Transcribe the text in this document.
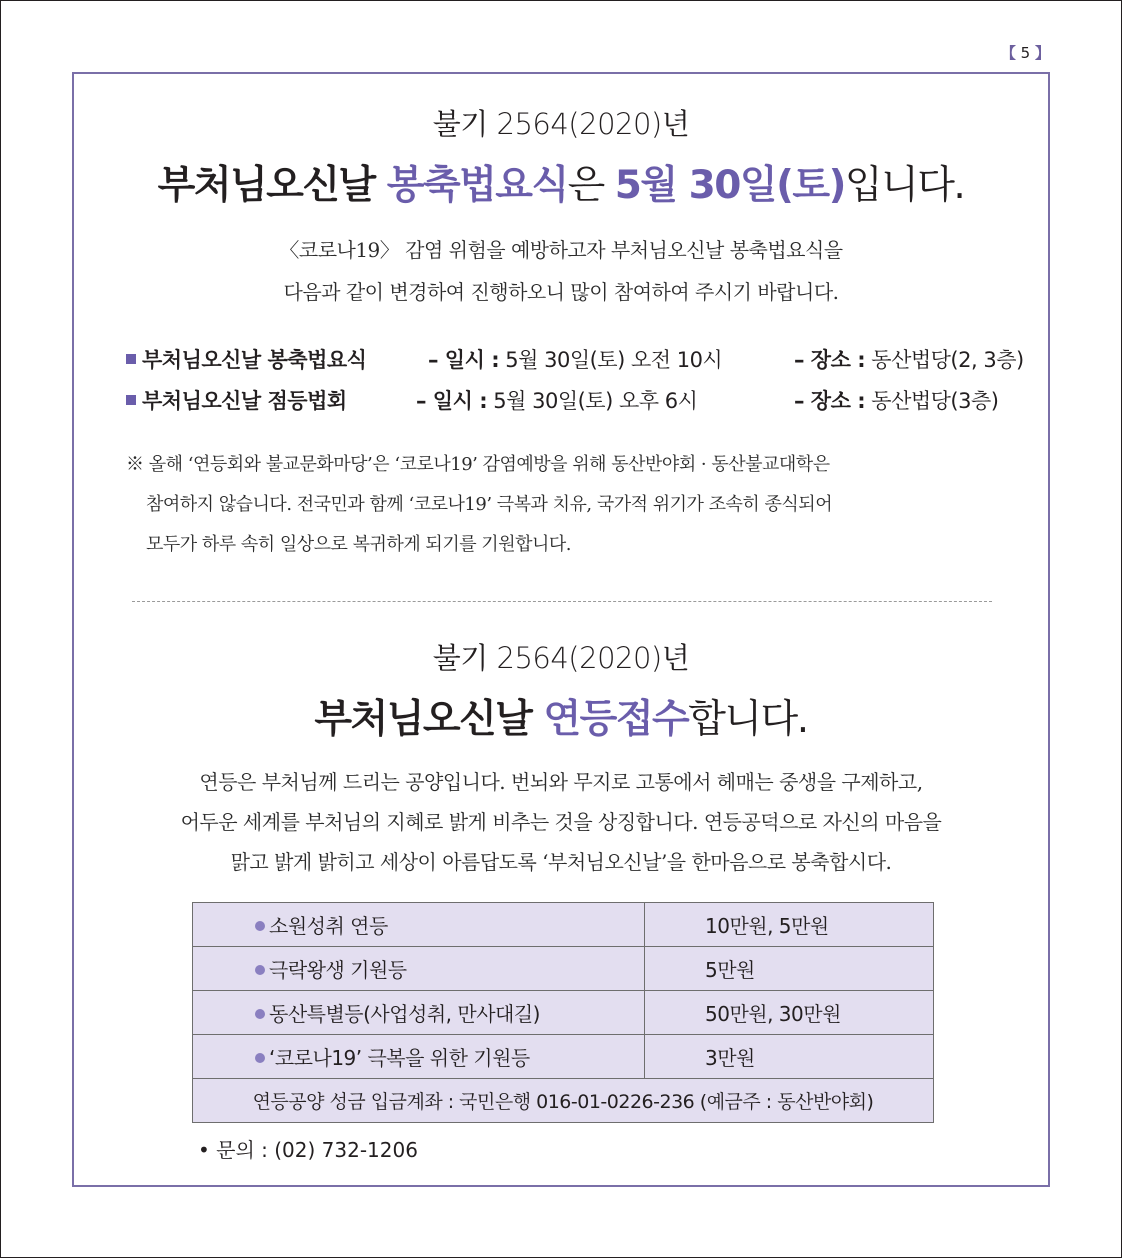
【 5 】
불기 2564(2020)년
부처님오신날 봉축법요식은 5월 30일(토)입니다.
〈코로나19〉 감염 위험을 예방하고자 부처님오신날 봉축법요식을
다음과 같이 변경하여 진행하오니 많이 참여하여 주시기 바랍니다.
부처님오신날 봉축법요식	– 일시 : 5월 30일(토) 오전 10시	– 장소 : 동산법당(2, 3층)
부처님오신날 점등법회	– 일시 : 5월 30일(토) 오후 6시	– 장소 : 동산법당(3층)
※ 올해 ‘연등회와 불교문화마당’은 ‘코로나19’ 감염예방을 위해 동산반야회 · 동산불교대학은
참여하지 않습니다. 전국민과 함께 ‘코로나19’ 극복과 치유, 국가적 위기가 조속히 종식되어
모두가 하루 속히 일상으로 복귀하게 되기를 기원합니다.
불기 2564(2020)년
부처님오신날 연등접수합니다.
연등은 부처님께 드리는 공양입니다. 번뇌와 무지로 고통에서 헤매는 중생을 구제하고,
어두운 세계를 부처님의 지혜로 밝게 비추는 것을 상징합니다. 연등공덕으로 자신의 마음을
맑고 밝게 밝히고 세상이 아름답도록 ‘부처님오신날’을 한마음으로 봉축합시다.
소원성취 연등	10만원, 5만원
극락왕생 기원등	5만원
동산특별등(사업성취, 만사대길)	50만원, 30만원
‘코로나19’ 극복을 위한 기원등	3만원
연등공양 성금 입금계좌 : 국민은행 016-01-0226-236 (예금주 : 동산반야회)	
• 문의 : (02) 732-1206
